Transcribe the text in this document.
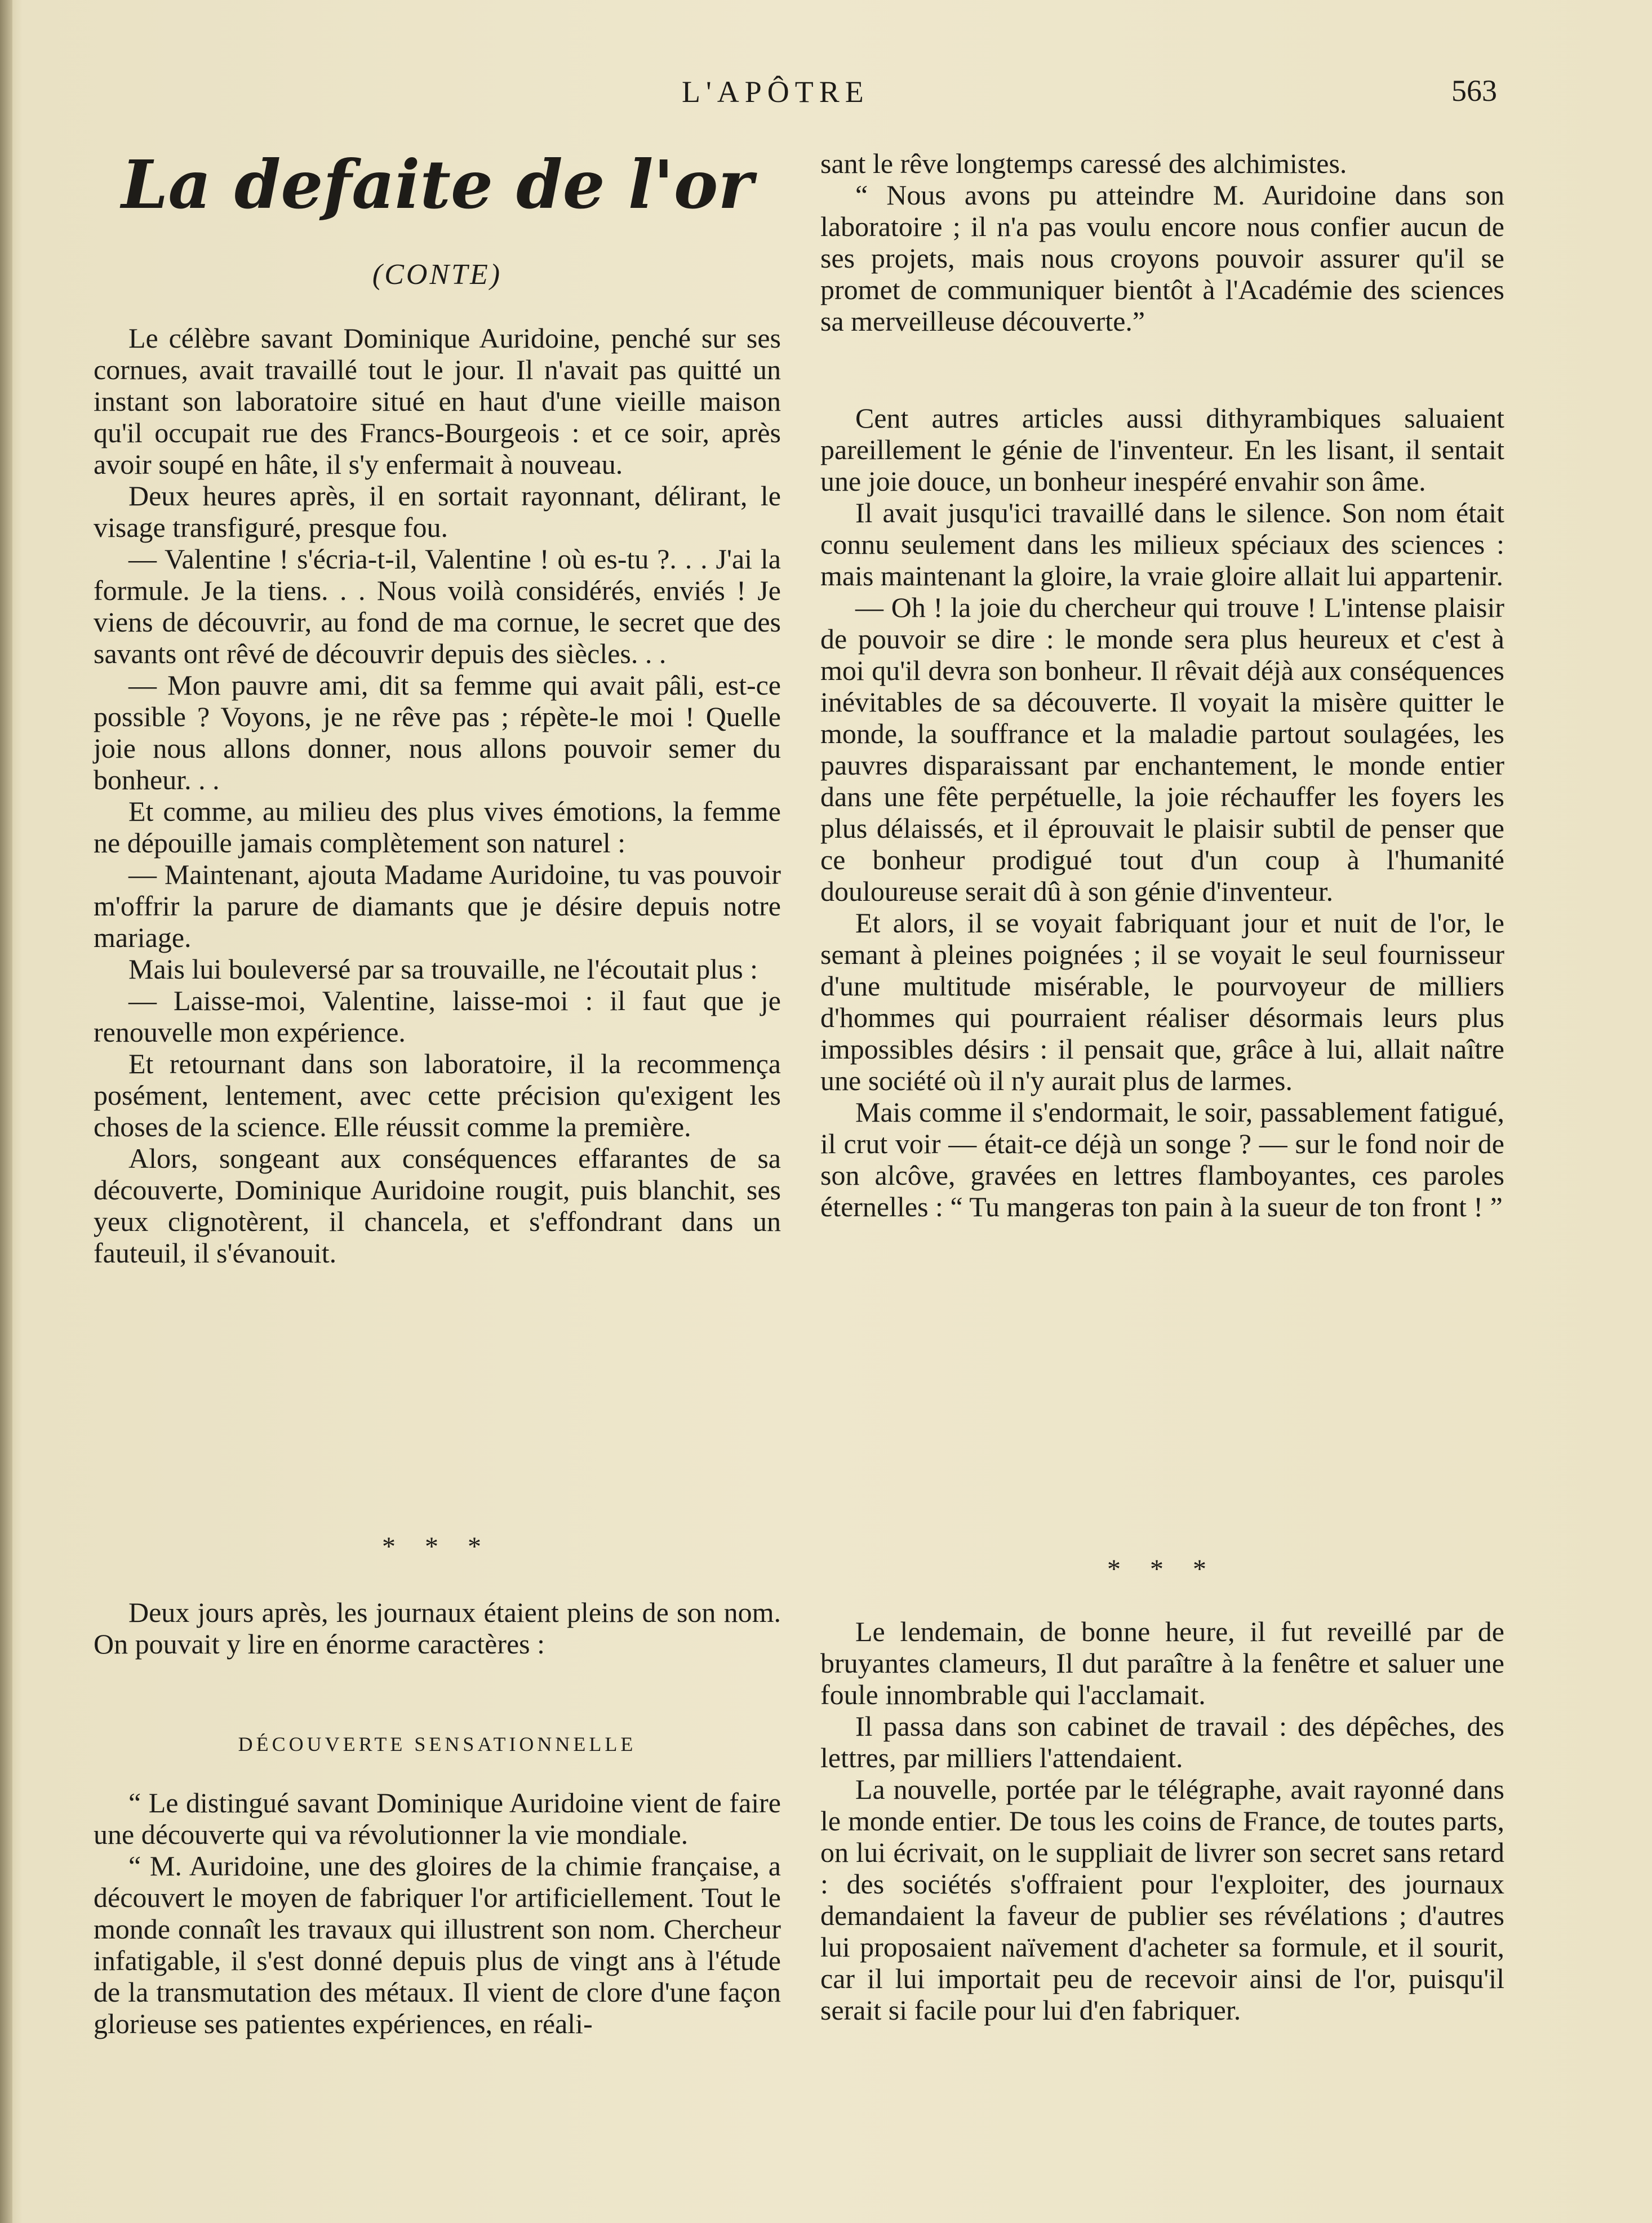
L'APÔTRE	563
La defaite de l'or
(CONTE)

Le célèbre savant Dominique Auridoine, penché sur ses cornues, avait travaillé tout le jour. Il n'avait pas quitté un instant son laboratoire situé en haut d'une vieille maison qu'il occupait rue des Francs-Bourgeois : et ce soir, après avoir soupé en hâte, il s'y enfermait à nouveau.

Deux heures après, il en sortait rayonnant, délirant, le visage transfiguré, presque fou.

— Valentine ! s'écria-t-il, Valentine ! où es-tu ?. . . J'ai la formule. Je la tiens. . . Nous voilà considérés, enviés ! Je viens de découvrir, au fond de ma cornue, le secret que des savants ont rêvé de découvrir depuis des siècles. . .

— Mon pauvre ami, dit sa femme qui avait pâli, est-ce possible ? Voyons, je ne rêve pas ; répète-le moi ! Quelle joie nous allons donner, nous allons pouvoir semer du bonheur. . .

Et comme, au milieu des plus vives émotions, la femme ne dépouille jamais complètement son naturel :

— Maintenant, ajouta Madame Auridoine, tu vas pouvoir m'offrir la parure de diamants que je désire depuis notre mariage.

Mais lui bouleversé par sa trouvaille, ne l'écoutait plus :

— Laisse-moi, Valentine, laisse-moi : il faut que je renouvelle mon expérience.

Et retournant dans son laboratoire, il la recommença posément, lentement, avec cette précision qu'exigent les choses de la science. Elle réussit comme la première.

Alors, songeant aux conséquences effarantes de sa découverte, Dominique Auridoine rougit, puis blanchit, ses yeux clignotèrent, il chancela, et s'effondrant dans un fauteuil, il s'évanouit.

* * *

Deux jours après, les journaux étaient pleins de son nom. On pouvait y lire en énorme caractères :

DÉCOUVERTE SENSATIONNELLE

“ Le distingué savant Dominique Auridoine vient de faire une découverte qui va révolutionner la vie mondiale.

“ M. Auridoine, une des gloires de la chimie française, a découvert le moyen de fabriquer l'or artificiellement. Tout le monde connaît les travaux qui illustrent son nom. Chercheur infatigable, il s'est donné depuis plus de vingt ans à l'étude de la transmutation des métaux. Il vient de clore d'une façon glorieuse ses patientes expériences, en réali-

sant le rêve longtemps caressé des alchimistes.

“ Nous avons pu atteindre M. Auridoine dans son laboratoire ; il n'a pas voulu encore nous confier aucun de ses projets, mais nous croyons pouvoir assurer qu'il se promet de communiquer bientôt à l'Académie des sciences sa merveilleuse découverte.”

Cent autres articles aussi dithyrambiques saluaient pareillement le génie de l'inventeur. En les lisant, il sentait une joie douce, un bonheur inespéré envahir son âme.

Il avait jusqu'ici travaillé dans le silence. Son nom était connu seulement dans les milieux spéciaux des sciences : mais maintenant la gloire, la vraie gloire allait lui appartenir.

— Oh ! la joie du chercheur qui trouve ! L'intense plaisir de pouvoir se dire : le monde sera plus heureux et c'est à moi qu'il devra son bonheur. Il rêvait déjà aux conséquences inévitables de sa découverte. Il voyait la misère quitter le monde, la souffrance et la maladie partout soulagées, les pauvres disparaissant par enchantement, le monde entier dans une fête perpétuelle, la joie réchauffer les foyers les plus délaissés, et il éprouvait le plaisir subtil de penser que ce bonheur prodigué tout d'un coup à l'humanité douloureuse serait dû à son génie d'inventeur.

Et alors, il se voyait fabriquant jour et nuit de l'or, le semant à pleines poignées ; il se voyait le seul fournisseur d'une multitude misérable, le pourvoyeur de milliers d'hommes qui pourraient réaliser désormais leurs plus impossibles désirs : il pensait que, grâce à lui, allait naître une société où il n'y aurait plus de larmes.

Mais comme il s'endormait, le soir, passablement fatigué, il crut voir — était-ce déjà un songe ? — sur le fond noir de son alcôve, gravées en lettres flamboyantes, ces paroles éternelles : “ Tu mangeras ton pain à la sueur de ton front ! ”

* * *

Le lendemain, de bonne heure, il fut reveillé par de bruyantes clameurs, Il dut paraître à la fenêtre et saluer une foule innombrable qui l'acclamait.

Il passa dans son cabinet de travail : des dépêches, des lettres, par milliers l'attendaient.

La nouvelle, portée par le télégraphe, avait rayonné dans le monde entier. De tous les coins de France, de toutes parts, on lui écrivait, on le suppliait de livrer son secret sans retard : des sociétés s'offraient pour l'exploiter, des journaux demandaient la faveur de publier ses révélations ; d'autres lui proposaient naïvement d'acheter sa formule, et il sourit, car il lui importait peu de recevoir ainsi de l'or, puisqu'il serait si facile pour lui d'en fabriquer.
